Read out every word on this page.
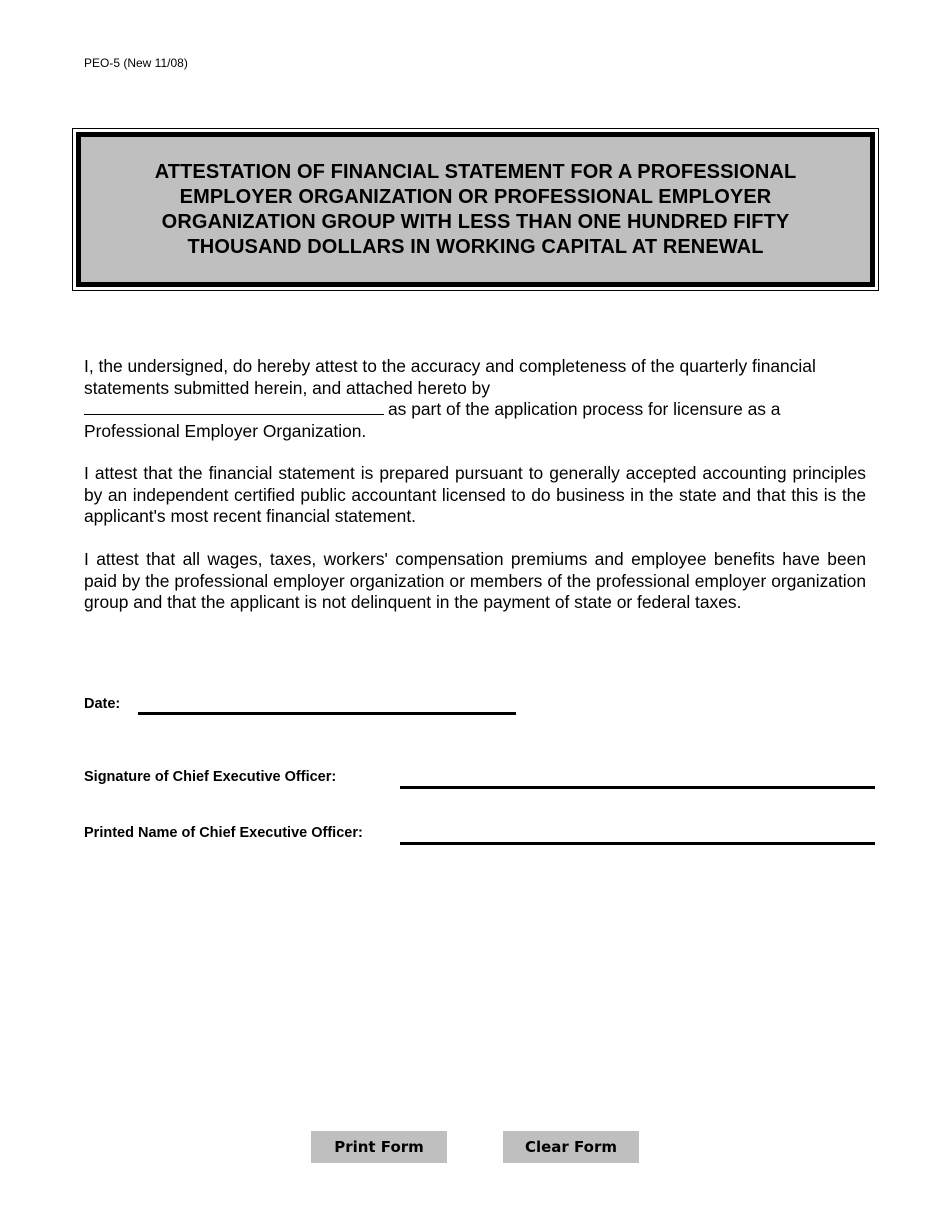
PEO-5 (New 11/08)
ATTESTATION OF FINANCIAL STATEMENT FOR A PROFESSIONAL EMPLOYER ORGANIZATION OR PROFESSIONAL EMPLOYER ORGANIZATION GROUP WITH LESS THAN ONE HUNDRED FIFTY THOUSAND DOLLARS IN WORKING CAPITAL AT RENEWAL

I, the undersigned, do hereby attest to the accuracy and completeness of the quarterly financial statements submitted herein, and attached hereto by
as part of the application process for licensure as a Professional Employer Organization.

I attest that the financial statement is prepared pursuant to generally accepted accounting principles by an independent certified public accountant licensed to do business in the state and that this is the applicant's most recent financial statement.

I attest that all wages, taxes, workers' compensation premiums and employee benefits have been paid by the professional employer organization or members of the professional employer organization group and that the applicant is not delinquent in the payment of state or federal taxes.

Date:
Signature of Chief Executive Officer:
Printed Name of Chief Executive Officer:
Print Form	Clear Form
